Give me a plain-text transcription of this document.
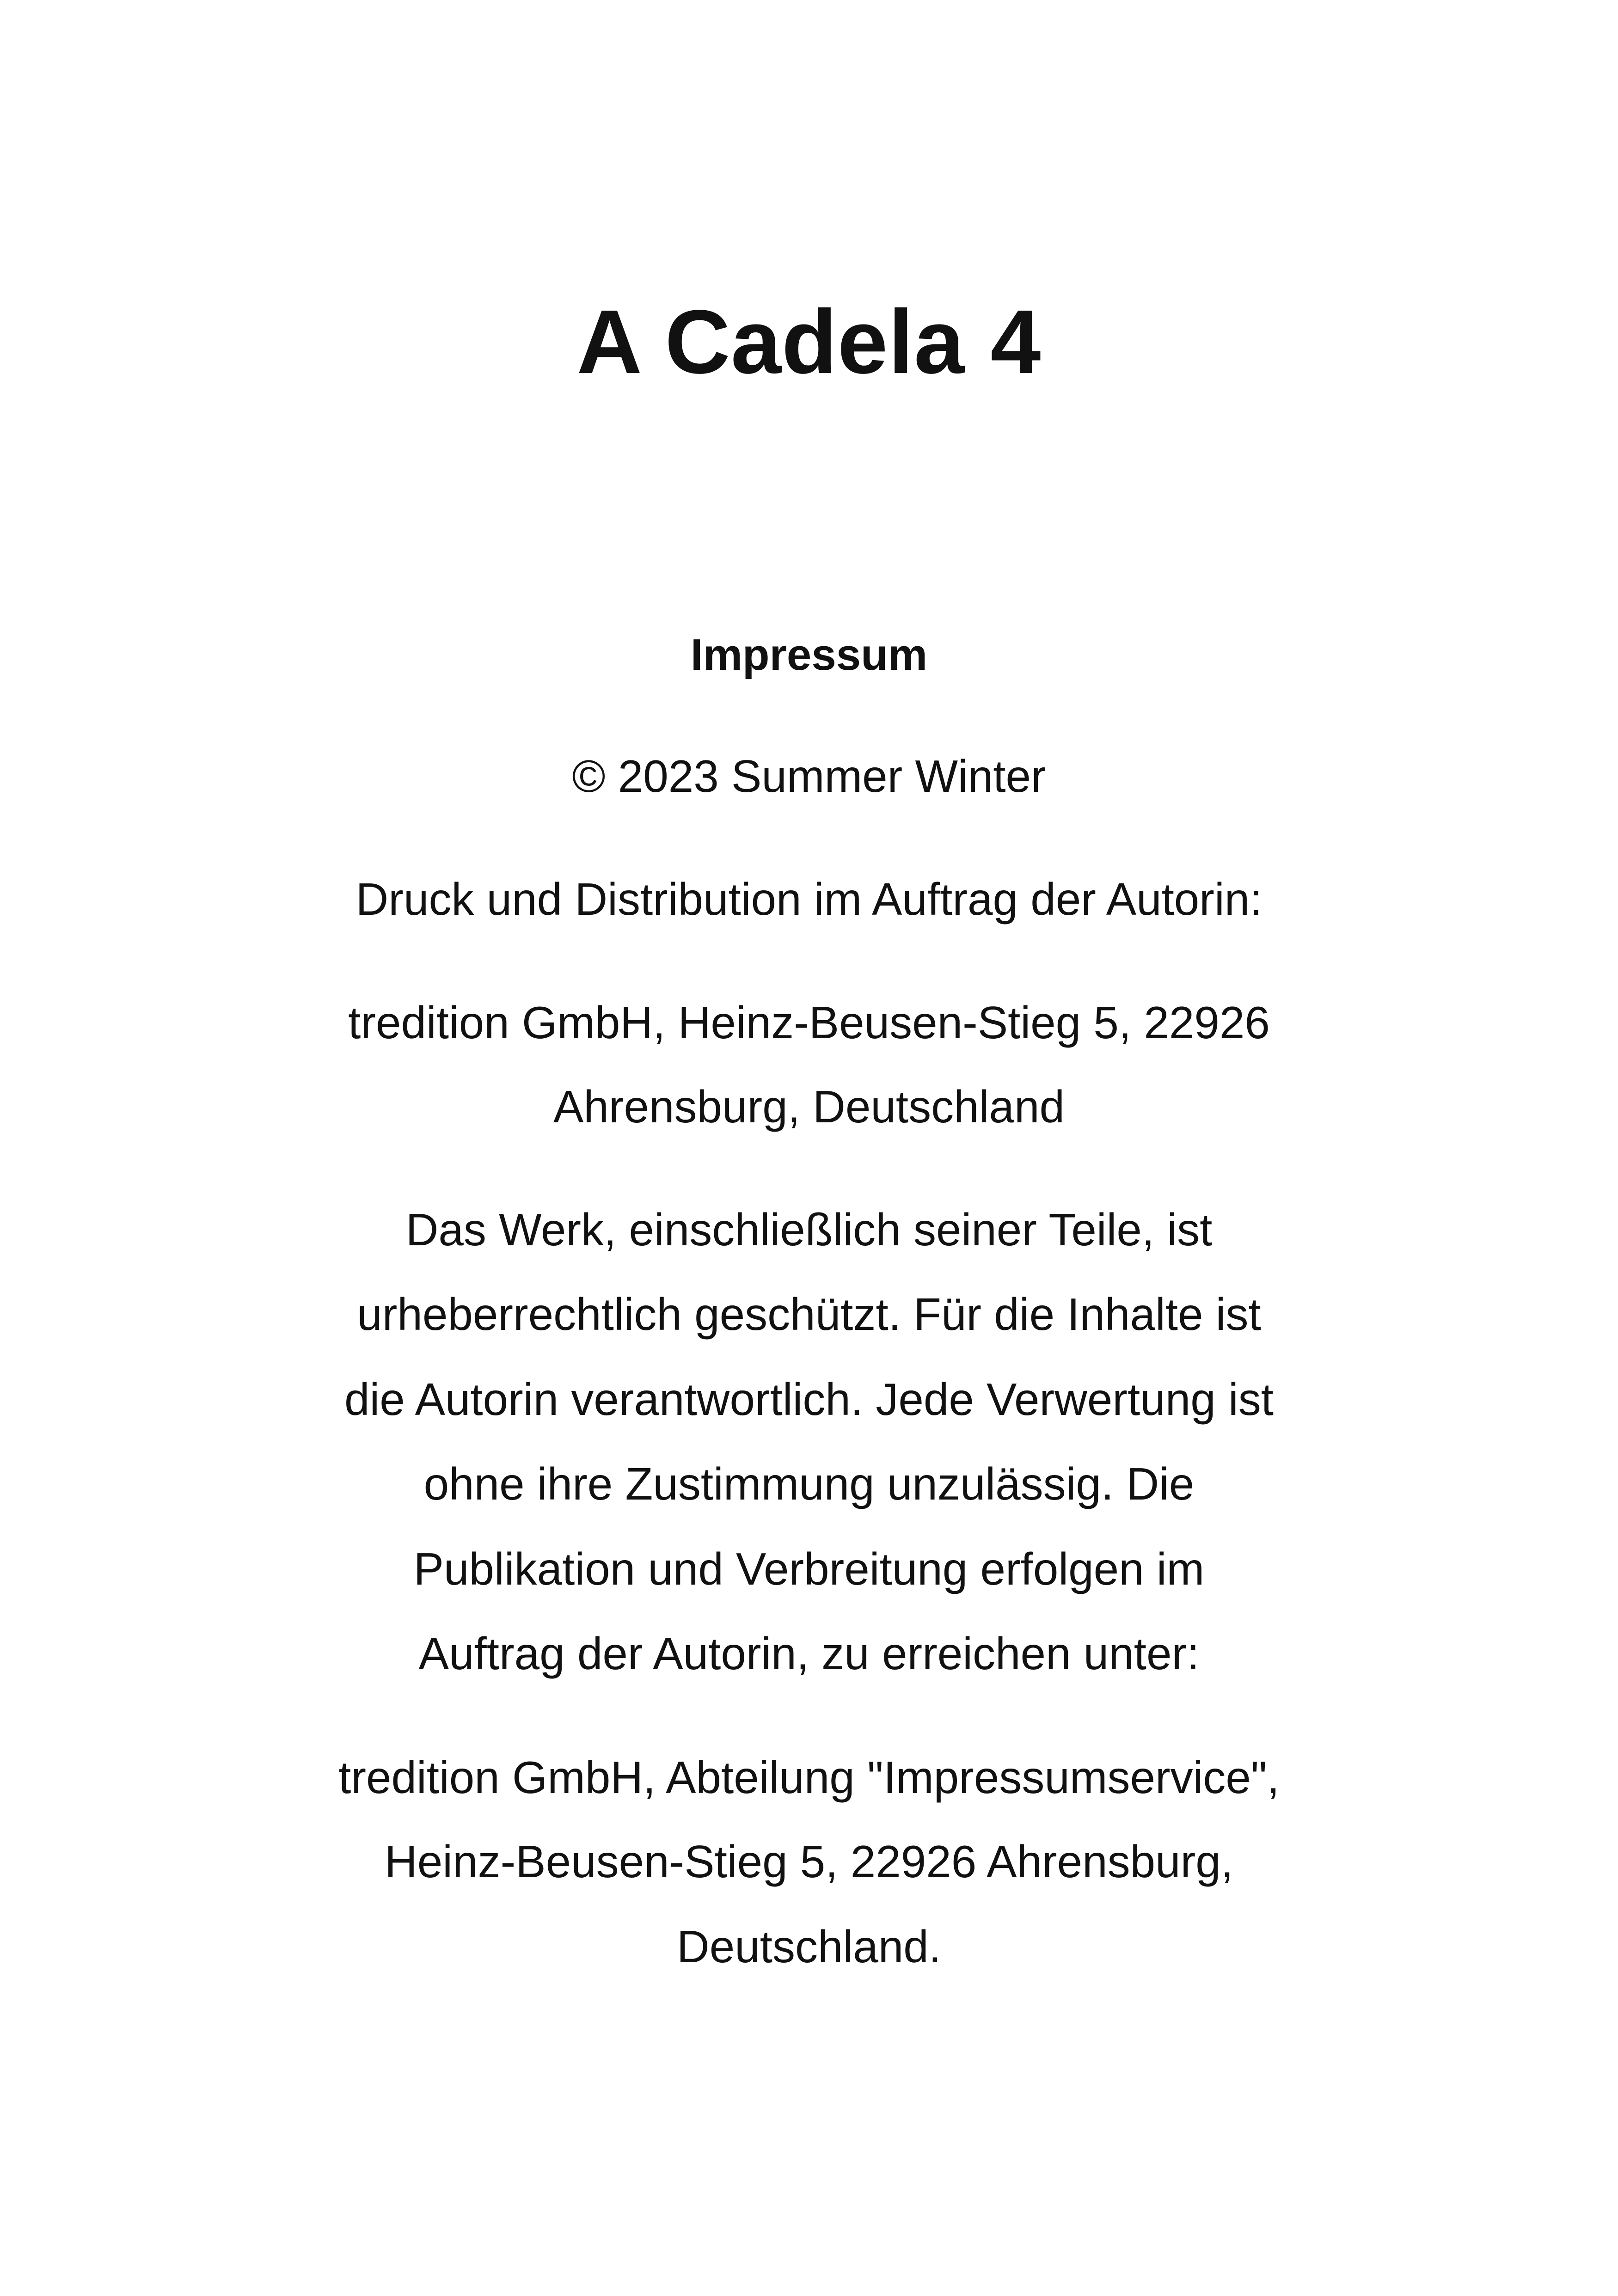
A Cadela 4
Impressum
© 2023 Summer Winter
Druck und Distribution im Auftrag der Autorin:
tredition GmbH, Heinz-Beusen-Stieg 5, 22926
Ahrensburg, Deutschland
Das Werk, einschließlich seiner Teile, ist
urheberrechtlich geschützt. Für die Inhalte ist
die Autorin verantwortlich. Jede Verwertung ist
ohne ihre Zustimmung unzulässig. Die
Publikation und Verbreitung erfolgen im
Auftrag der Autorin, zu erreichen unter:
tredition GmbH, Abteilung "Impressumservice",
Heinz-Beusen-Stieg 5, 22926 Ahrensburg,
Deutschland.
